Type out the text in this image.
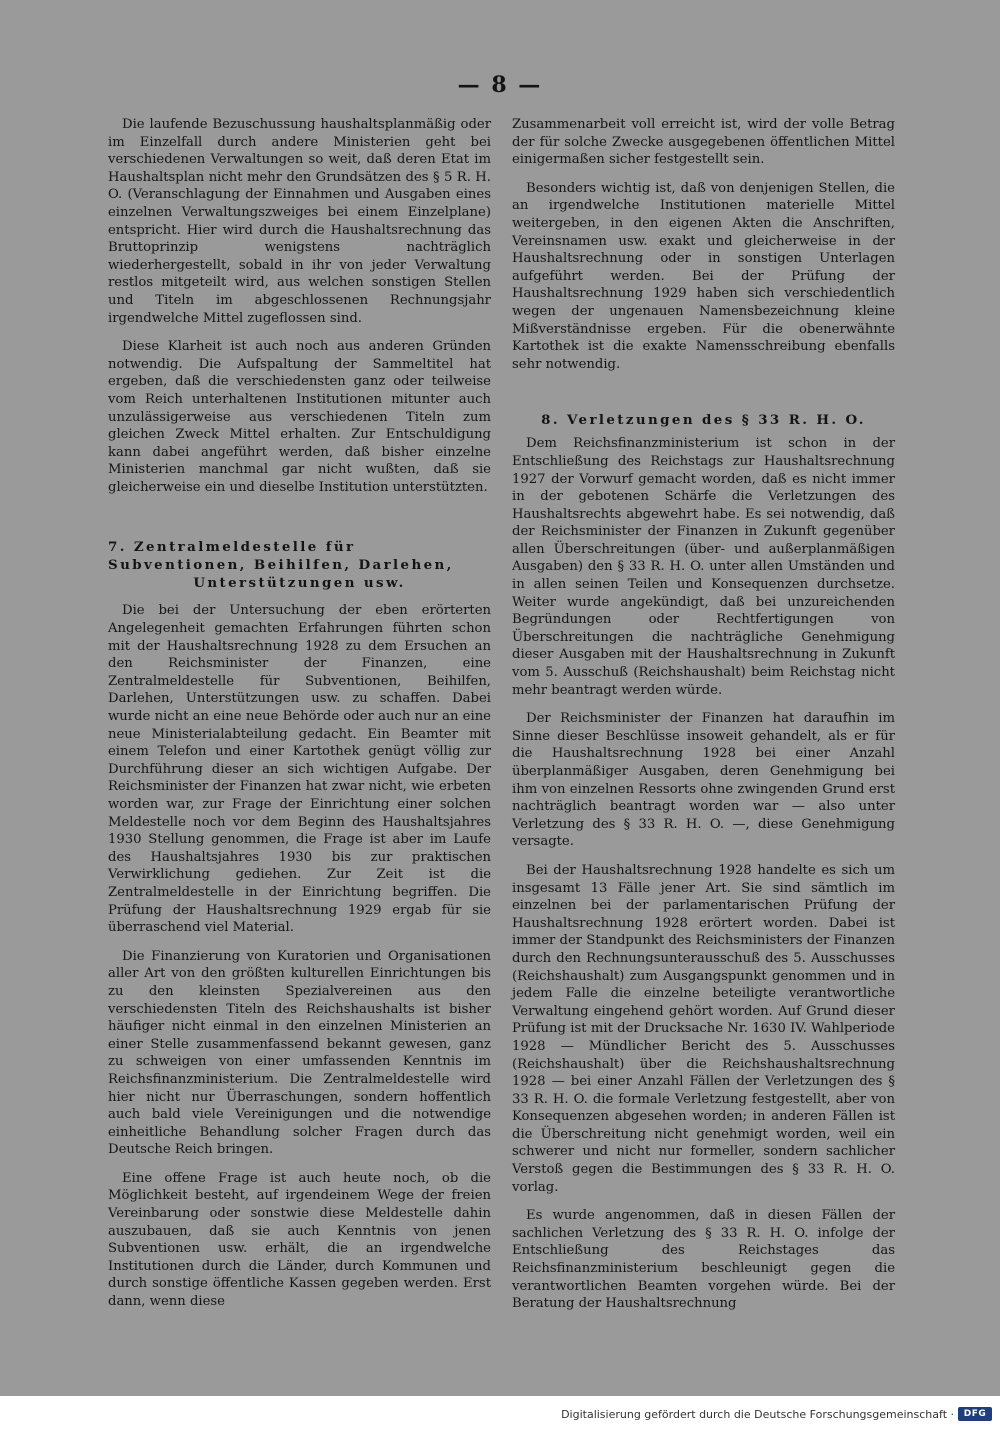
— 8 —

Die laufende Bezuschussung haushaltsplanmäßig oder im Einzelfall durch andere Ministerien geht bei verschiedenen Verwaltungen so weit, daß deren Etat im Haushaltsplan nicht mehr den Grundsätzen des § 5 R. H. O. (Veranschlagung der Einnahmen und Ausgaben eines einzelnen Verwaltungszweiges bei einem Einzelplane) entspricht. Hier wird durch die Haushaltsrechnung das Bruttoprinzip wenigstens nachträglich wiederhergestellt, sobald in ihr von jeder Verwaltung restlos mitgeteilt wird, aus welchen sonstigen Stellen und Titeln im abgeschlossenen Rechnungsjahr irgendwelche Mittel zugeflossen sind.

Diese Klarheit ist auch noch aus anderen Gründen notwendig. Die Aufspaltung der Sammeltitel hat ergeben, daß die verschiedensten ganz oder teilweise vom Reich unterhaltenen Institutionen mitunter auch unzulässigerweise aus verschiedenen Titeln zum gleichen Zweck Mittel erhalten. Zur Entschuldigung kann dabei angeführt werden, daß bisher einzelne Ministerien manchmal gar nicht wußten, daß sie gleicherweise ein und dieselbe Institution unterstützten.

7. Zentralmeldestelle für Subventionen, Beihilfen, Darlehen, Unterstützungen usw.

Die bei der Untersuchung der eben erörterten Angelegenheit gemachten Erfahrungen führten schon mit der Haushaltsrechnung 1928 zu dem Ersuchen an den Reichsminister der Finanzen, eine Zentralmeldestelle für Subventionen, Beihilfen, Darlehen, Unterstützungen usw. zu schaffen. Dabei wurde nicht an eine neue Behörde oder auch nur an eine neue Ministerialabteilung gedacht. Ein Beamter mit einem Telefon und einer Kartothek genügt völlig zur Durchführung dieser an sich wichtigen Aufgabe. Der Reichsminister der Finanzen hat zwar nicht, wie erbeten worden war, zur Frage der Einrichtung einer solchen Meldestelle noch vor dem Beginn des Haushaltsjahres 1930 Stellung genommen, die Frage ist aber im Laufe des Haushaltsjahres 1930 bis zur praktischen Verwirklichung gediehen. Zur Zeit ist die Zentralmeldestelle in der Einrichtung begriffen. Die Prüfung der Haushaltsrechnung 1929 ergab für sie überraschend viel Material.

Die Finanzierung von Kuratorien und Organisationen aller Art von den größten kulturellen Einrichtungen bis zu den kleinsten Spezialvereinen aus den verschiedensten Titeln des Reichshaushalts ist bisher häufiger nicht einmal in den einzelnen Ministerien an einer Stelle zusammenfassend bekannt gewesen, ganz zu schweigen von einer umfassenden Kenntnis im Reichsfinanzministerium. Die Zentralmeldestelle wird hier nicht nur Überraschungen, sondern hoffentlich auch bald viele Vereinigungen und die notwendige einheitliche Behandlung solcher Fragen durch das Deutsche Reich bringen.

Eine offene Frage ist auch heute noch, ob die Möglichkeit besteht, auf irgendeinem Wege der freien Vereinbarung oder sonstwie diese Meldestelle dahin auszubauen, daß sie auch Kenntnis von jenen Subventionen usw. erhält, die an irgendwelche Institutionen durch die Länder, durch Kommunen und durch sonstige öffentliche Kassen gegeben werden. Erst dann, wenn diese

Zusammenarbeit voll erreicht ist, wird der volle Betrag der für solche Zwecke ausgegebenen öffentlichen Mittel einigermaßen sicher festgestellt sein.

Besonders wichtig ist, daß von denjenigen Stellen, die an irgendwelche Institutionen materielle Mittel weitergeben, in den eigenen Akten die Anschriften, Vereinsnamen usw. exakt und gleicherweise in der Haushaltsrechnung oder in sonstigen Unterlagen aufgeführt werden. Bei der Prüfung der Haushaltsrechnung 1929 haben sich verschiedentlich wegen der ungenauen Namensbezeichnung kleine Mißverständnisse ergeben. Für die obenerwähnte Kartothek ist die exakte Namensschreibung ebenfalls sehr notwendig.

8. Verletzungen des § 33 R. H. O.

Dem Reichsfinanzministerium ist schon in der Entschließung des Reichstags zur Haushaltsrechnung 1927 der Vorwurf gemacht worden, daß es nicht immer in der gebotenen Schärfe die Verletzungen des Haushaltsrechts abgewehrt habe. Es sei notwendig, daß der Reichsminister der Finanzen in Zukunft gegenüber allen Überschreitungen (über- und außerplanmäßigen Ausgaben) den § 33 R. H. O. unter allen Umständen und in allen seinen Teilen und Konsequenzen durchsetze. Weiter wurde angekündigt, daß bei unzureichenden Begründungen oder Rechtfertigungen von Überschreitungen die nachträgliche Genehmigung dieser Ausgaben mit der Haushaltsrechnung in Zukunft vom 5. Ausschuß (Reichshaushalt) beim Reichstag nicht mehr beantragt werden würde.

Der Reichsminister der Finanzen hat daraufhin im Sinne dieser Beschlüsse insoweit gehandelt, als er für die Haushaltsrechnung 1928 bei einer Anzahl überplanmäßiger Ausgaben, deren Genehmigung bei ihm von einzelnen Ressorts ohne zwingenden Grund erst nachträglich beantragt worden war — also unter Verletzung des § 33 R. H. O. —, diese Genehmigung versagte.

Bei der Haushaltsrechnung 1928 handelte es sich um insgesamt 13 Fälle jener Art. Sie sind sämtlich im einzelnen bei der parlamentarischen Prüfung der Haushaltsrechnung 1928 erörtert worden. Dabei ist immer der Standpunkt des Reichsministers der Finanzen durch den Rechnungsunterausschuß des 5. Ausschusses (Reichshaushalt) zum Ausgangspunkt genommen und in jedem Falle die einzelne beteiligte verantwortliche Verwaltung eingehend gehört worden. Auf Grund dieser Prüfung ist mit der Drucksache Nr. 1630 IV. Wahlperiode 1928 — Mündlicher Bericht des 5. Ausschusses (Reichshaushalt) über die Reichshaushaltsrechnung 1928 — bei einer Anzahl Fällen der Verletzungen des § 33 R. H. O. die formale Verletzung festgestellt, aber von Konsequenzen abgesehen worden; in anderen Fällen ist die Überschreitung nicht genehmigt worden, weil ein schwerer und nicht nur formeller, sondern sachlicher Verstoß gegen die Bestimmungen des § 33 R. H. O. vorlag.

Es wurde angenommen, daß in diesen Fällen der sachlichen Verletzung des § 33 R. H. O. infolge der Entschließung des Reichstages das Reichsfinanzministerium beschleunigt gegen die verantwortlichen Beamten vorgehen würde. Bei der Beratung der Haushaltsrechnung

Digitalisierung gefördert durch die Deutsche Forschungsgemeinschaft ·	DFG
